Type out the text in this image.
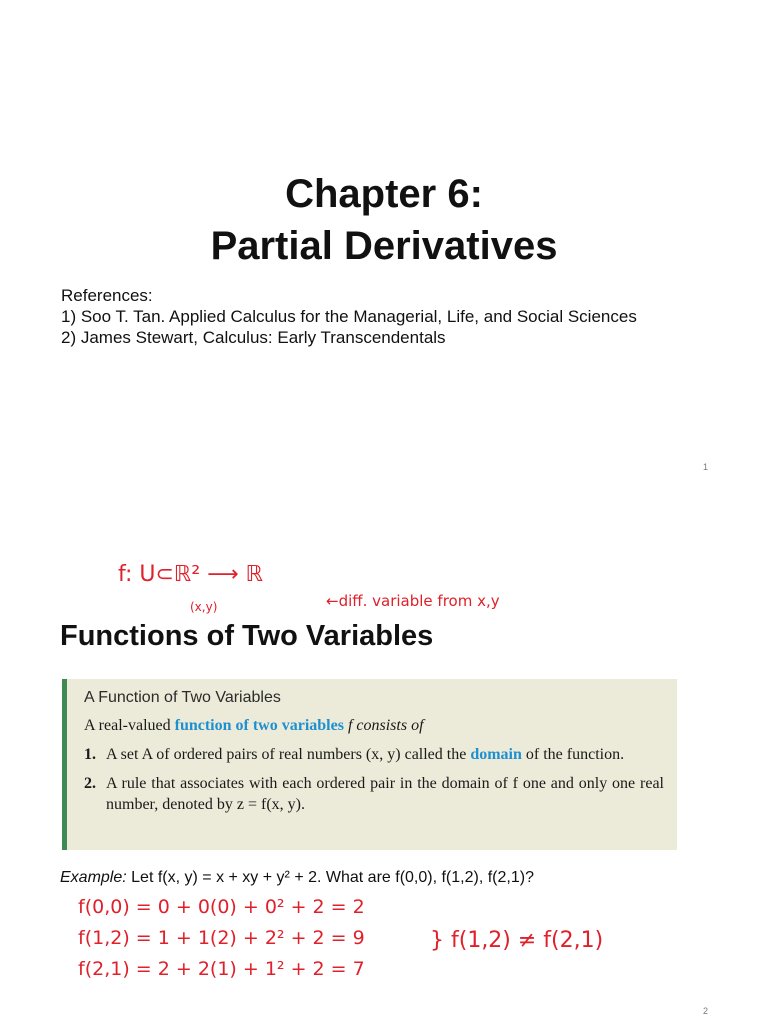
Chapter 6:
Partial Derivatives
References:
1) Soo T. Tan. Applied Calculus for the Managerial, Life, and Social Sciences
2) James Stewart, Calculus: Early Transcendentals
1
f: U⊂ℝ² ⟶ ℝ
(x,y)	←diff. variable from x,y
Functions of Two Variables
A Function of Two Variables
A real-valued function of two variables f consists of
1. A set A of ordered pairs of real numbers (x, y) called the domain of the function.
2. A rule that associates with each ordered pair in the domain of f one and only one real number, denoted by z = f(x, y).
Example: Let f(x, y) = x + xy + y² + 2. What are f(0,0), f(1,2), f(2,1)?
f(0,0) = 0 + 0(0) + 0² + 2 = 2
f(1,2) = 1 + 1(2) + 2² + 2 = 9
f(2,1) = 2 + 2(1) + 1² + 2 = 7
} f(1,2) ≠ f(2,1)
2
